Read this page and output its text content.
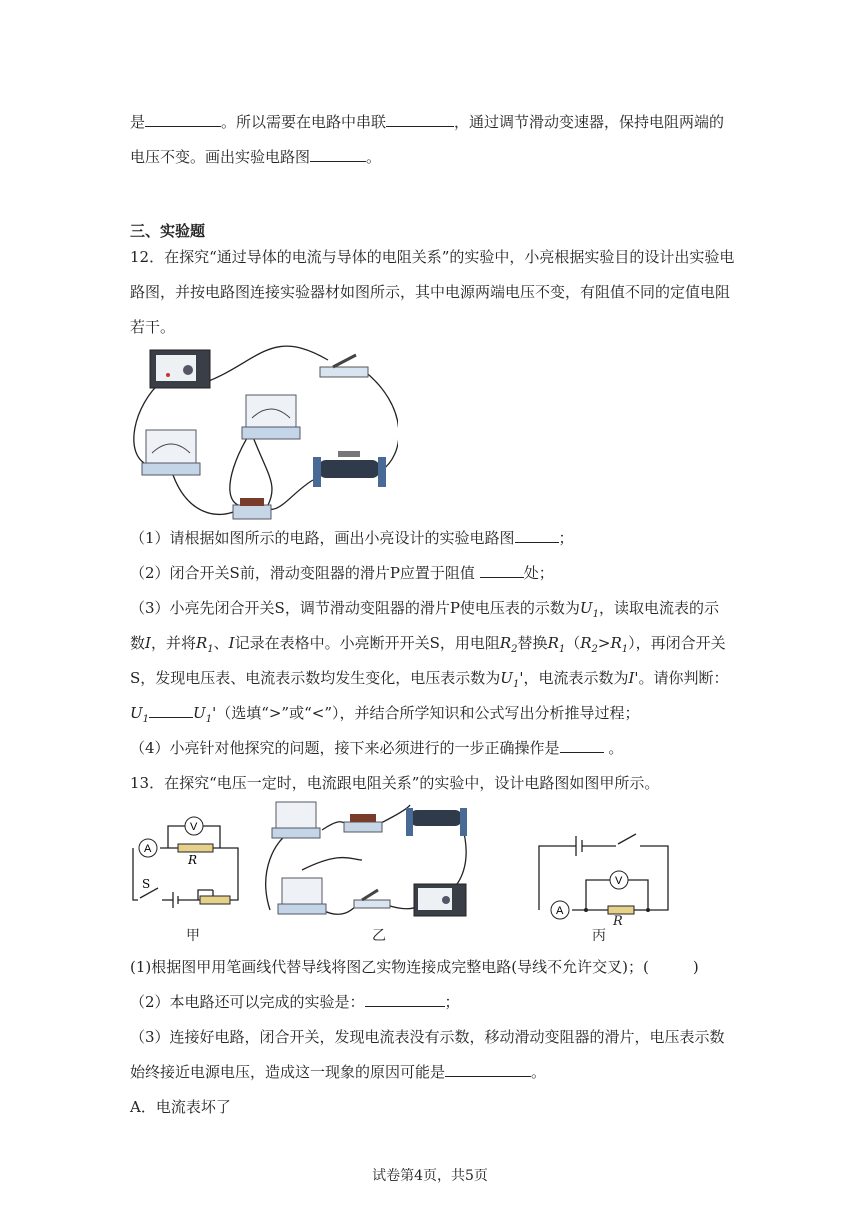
是	。所以需要在电路中串联	，通过调节滑动变速器，保持电阻两端的
电压不变。画出实验电路图	。
三、实验题
12．在探究“通过导体的电流与导体的电阻关系”的实验中，小亮根据实验目的设计出实验电
路图，并按电路图连接实验器材如图所示，其中电源两端电压不变，有阻值不同的定值电阻
若干。
（1）请根据如图所示的电路，画出小亮设计的实验电路图	；
（2）闭合开关S前，滑动变阻器的滑片P应置于阻值	处；
（3）小亮先闭合开关S，调节滑动变阻器的滑片P使电压表的示数为$U_1$，读取电流表的示
数I，并将$R_1$、I记录在表格中。小亮断开开关S，用电阻$R_2$替换$R_1(R_2>R_1)$，再闭合开关
S，发现电压表、电流表示数均发生变化，电压表示数为$U_1'$，电流表示数为I'。请你判断：
$U_1$	$U_1'$（选填“>”或“<”），并结合所学知识和公式写出分析推导过程；
（4）小亮针对他探究的问题，接下来必须进行的一步正确操作是	。
13．在探究“电压一定时，电流跟电阻关系”的实验中，设计电路图如图甲所示。
A
V
R
S
A
V
R
甲	乙	丙
(1)根据图甲用笔画线代替导线将图乙实物连接成完整电路(导线不允许交叉)；(	)
（2）本电路还可以完成的实验是：	；
（3）连接好电路，闭合开关，发现电流表没有示数，移动滑动变阻器的滑片，电压表示数
始终接近电源电压，造成这一现象的原因可能是	。
A．电流表坏了
试卷第4页，共5页
